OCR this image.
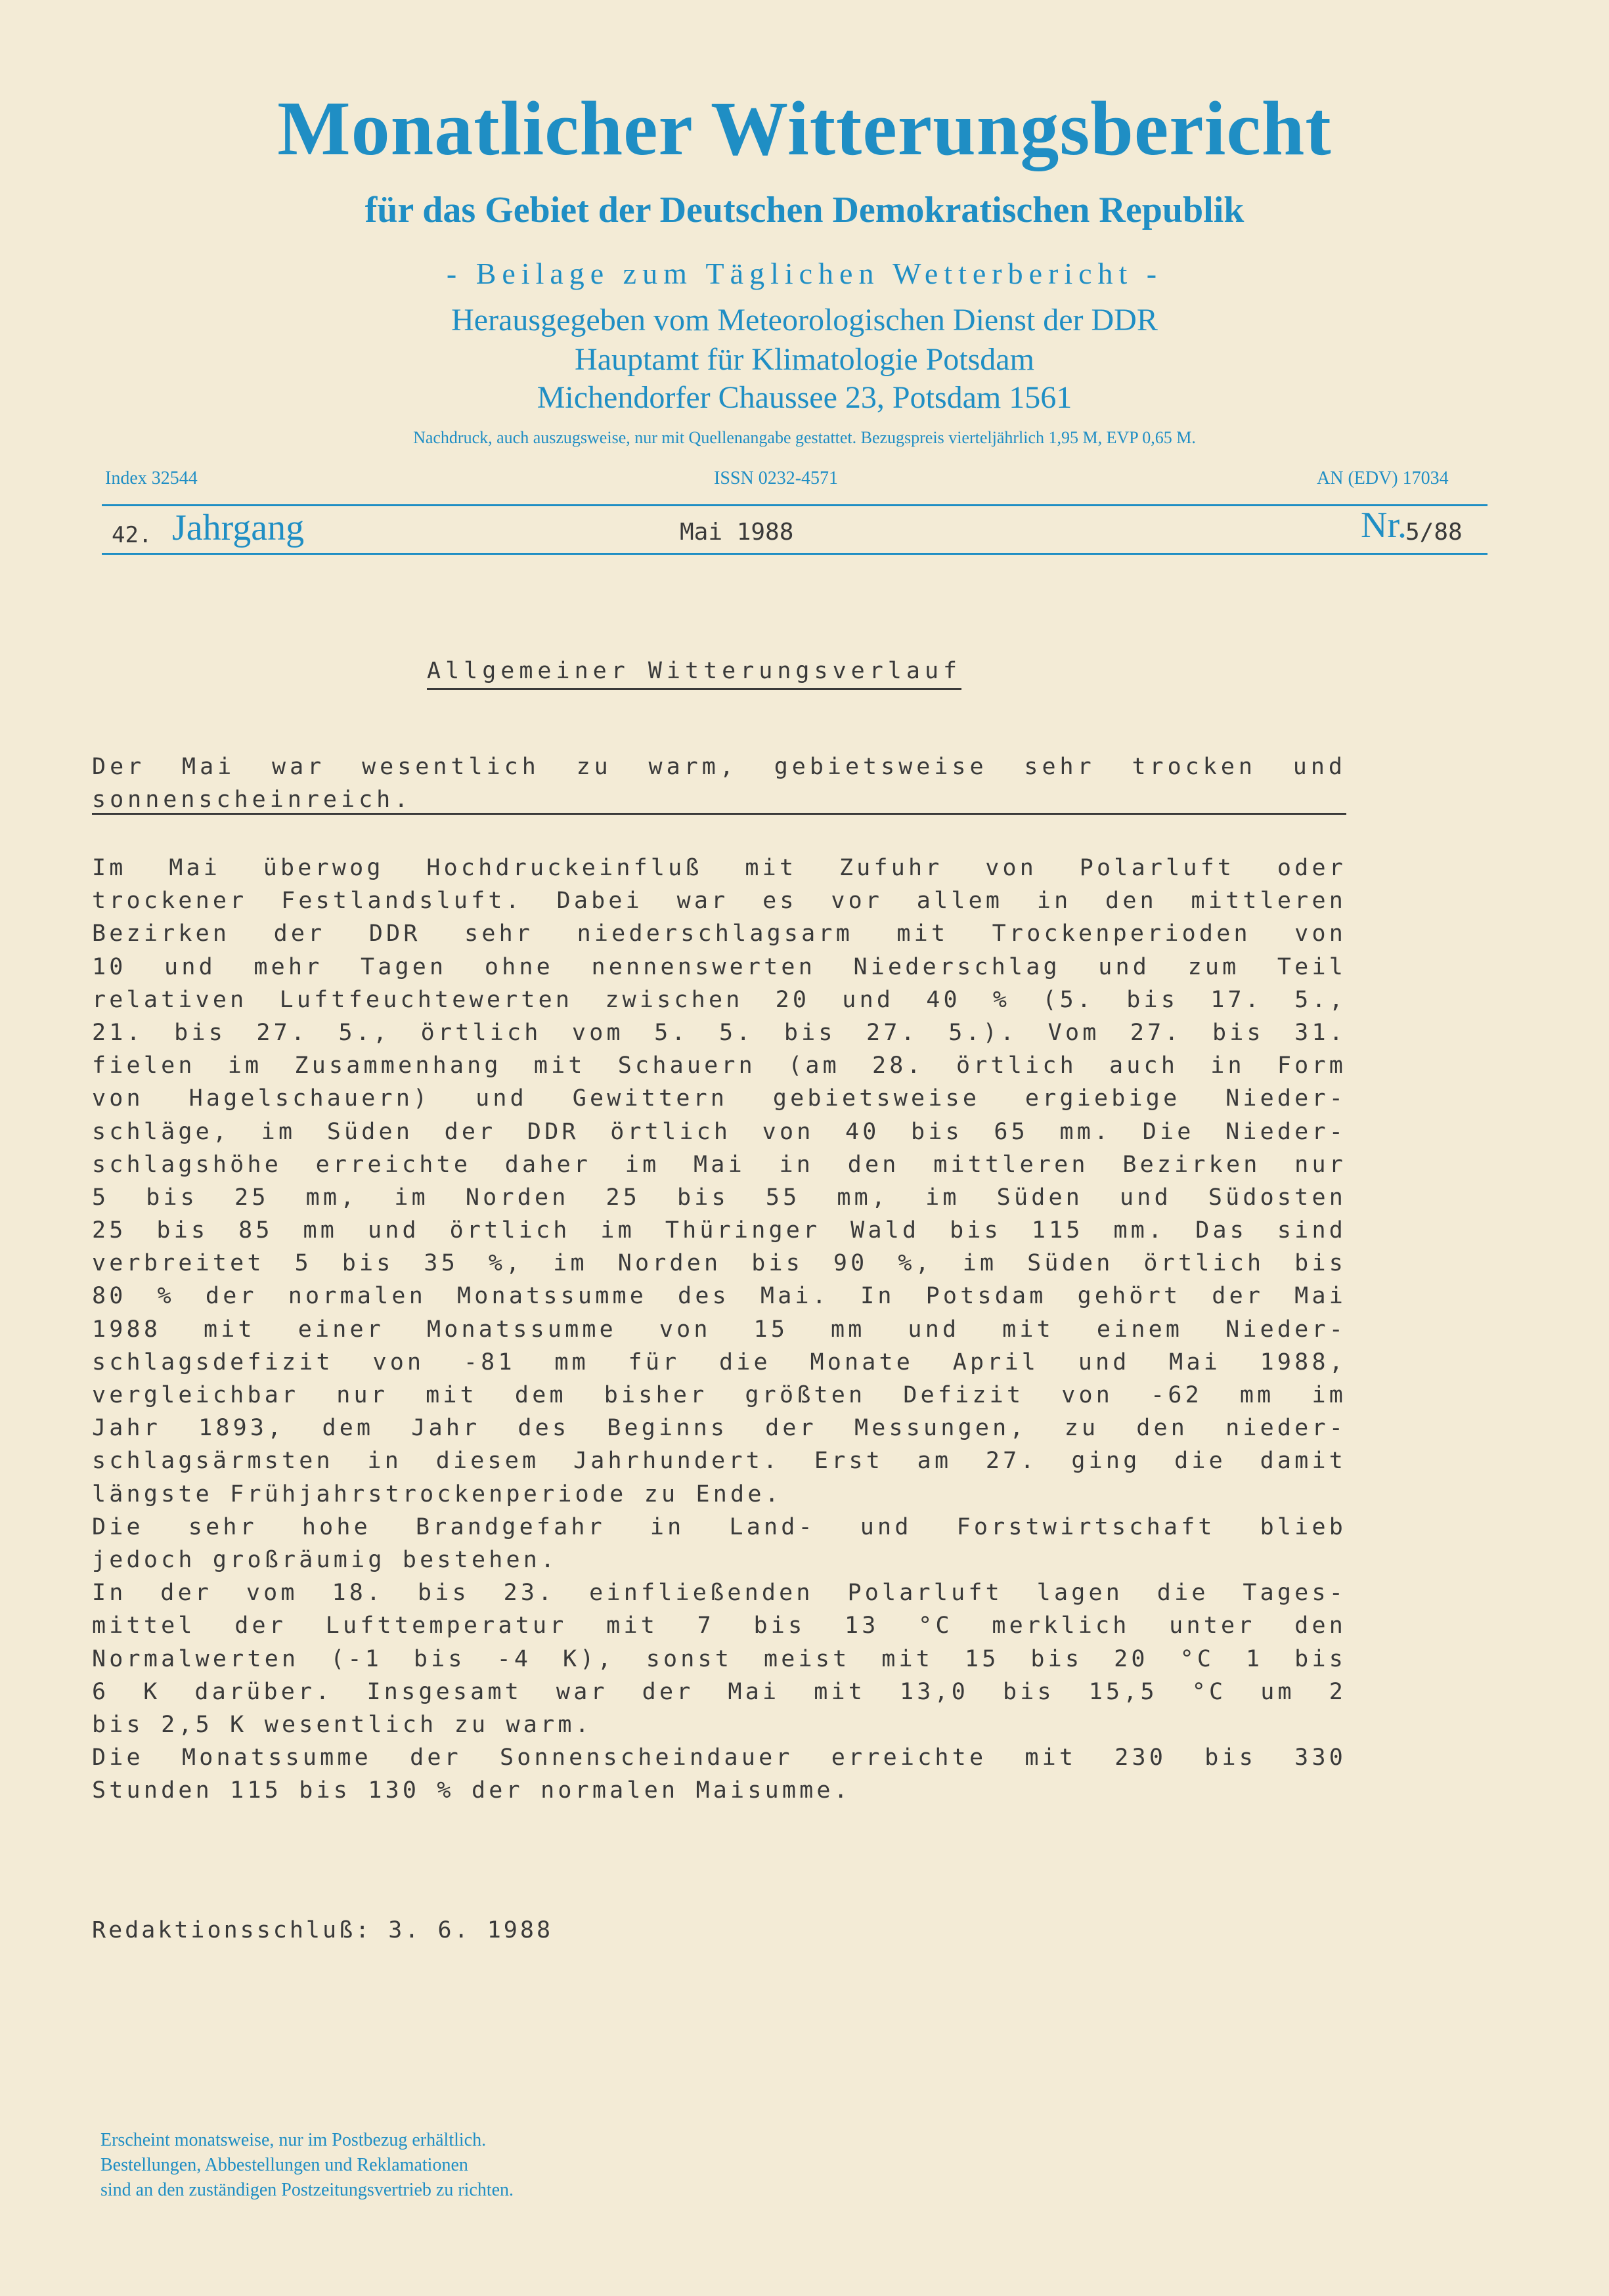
Monatlicher Witterungsbericht
für das Gebiet der Deutschen Demokratischen Republik
- Beilage zum Täglichen Wetterbericht -
Herausgegeben vom Meteorologischen Dienst der DDR
Hauptamt für Klimatologie Potsdam
Michendorfer Chaussee 23, Potsdam 1561
Nachdruck, auch auszugsweise, nur mit Quellenangabe gestattet. Bezugspreis vierteljährlich 1,95 M, EVP 0,65 M.
Index 32544	ISSN 0232-4571	AN (EDV) 17034
42. Jahrgang	Mai 1988	Nr.
5/88
Allgemeiner Witterungsverlauf
Der Mai war wesentlich zu warm, gebietsweise sehr trocken und
sonnenscheinreich.
Im Mai überwog Hochdruckeinfluß mit Zufuhr von Polarluft oder
trockener Festlandsluft. Dabei war es vor allem in den mittleren
Bezirken der DDR sehr niederschlagsarm mit Trockenperioden von
10 und mehr Tagen ohne nennenswerten Niederschlag und zum Teil
relativen Luftfeuchtewerten zwischen 20 und 40 % (5. bis 17. 5.,
21. bis 27. 5., örtlich vom 5. 5. bis 27. 5.). Vom 27. bis 31.
fielen im Zusammenhang mit Schauern (am 28. örtlich auch in Form
von Hagelschauern) und Gewittern gebietsweise ergiebige Nieder-
schläge, im Süden der DDR örtlich von 40 bis 65 mm. Die Nieder-
schlagshöhe erreichte daher im Mai in den mittleren Bezirken nur
5 bis 25 mm, im Norden 25 bis 55 mm, im Süden und Südosten
25 bis 85 mm und örtlich im Thüringer Wald bis 115 mm. Das sind
verbreitet 5 bis 35 %, im Norden bis 90 %, im Süden örtlich bis
80 % der normalen Monatssumme des Mai. In Potsdam gehört der Mai
1988 mit einer Monatssumme von 15 mm und mit einem Nieder-
schlagsdefizit von -81 mm für die Monate April und Mai 1988,
vergleichbar nur mit dem bisher größten Defizit von -62 mm im
Jahr 1893, dem Jahr des Beginns der Messungen, zu den nieder-
schlagsärmsten in diesem Jahrhundert. Erst am 27. ging die damit
längste Frühjahrstrockenperiode zu Ende.
Die sehr hohe Brandgefahr in Land- und Forstwirtschaft blieb
jedoch großräumig bestehen.
In der vom 18. bis 23. einfließenden Polarluft lagen die Tages-
mittel der Lufttemperatur mit 7 bis 13 °C merklich unter den
Normalwerten (-1 bis -4 K), sonst meist mit 15 bis 20 °C 1 bis
6 K darüber. Insgesamt war der Mai mit 13,0 bis 15,5 °C um 2
bis 2,5 K wesentlich zu warm.
Die Monatssumme der Sonnenscheindauer erreichte mit 230 bis 330
Stunden 115 bis 130 % der normalen Maisumme.
Redaktionsschluß: 3. 6. 1988
Erscheint monatsweise, nur im Postbezug erhältlich.
Bestellungen, Abbestellungen und Reklamationen
sind an den zuständigen Postzeitungsvertrieb zu richten.
